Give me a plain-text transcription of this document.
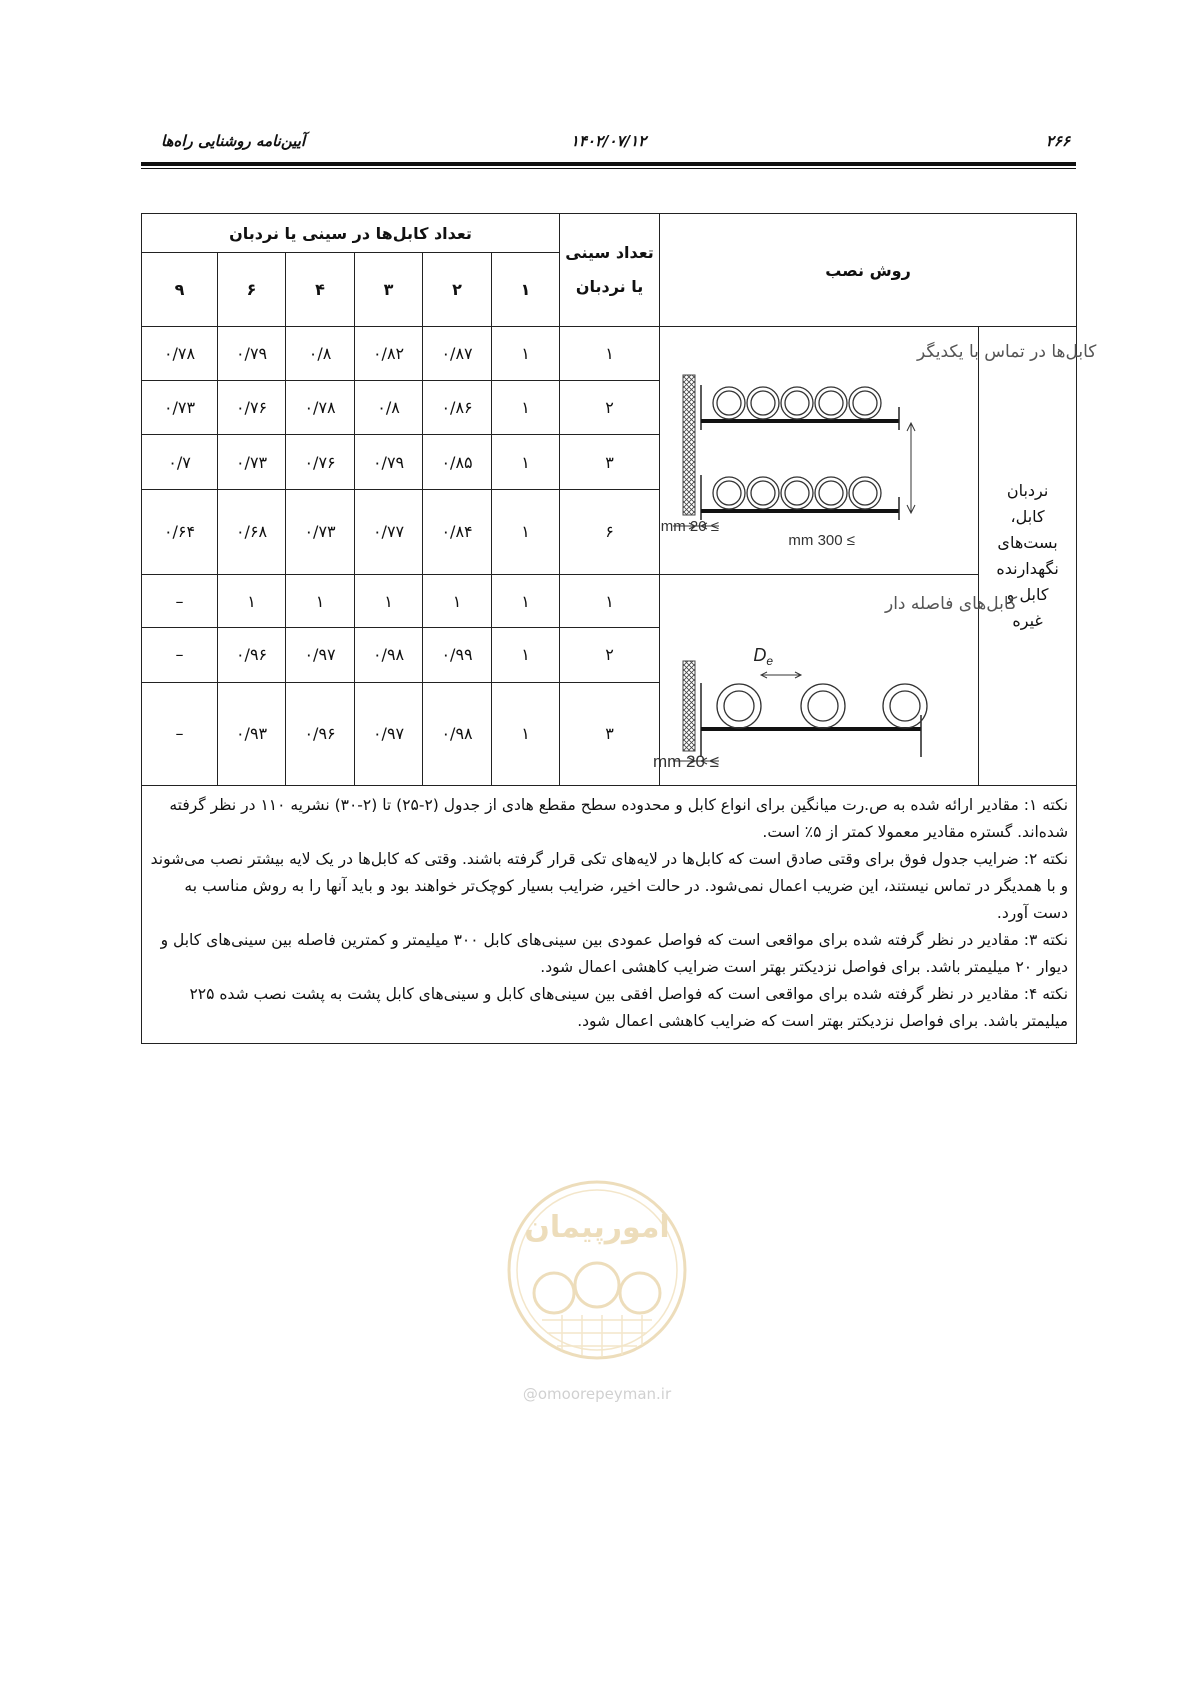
آیین‌نامه روشنایی راه‌ها	۱۴۰۲/۰۷/۱۲	۲۶۶
روش نصب		تعداد سینی یا نردبان	تعداد کابل‌ها در سینی یا نردبان					
			۱	۲	۳	۴	۶	۹
نردبان کابل، بست‌های نگهدارنده کابل و غیره	کابل‌ها در تماس با یکدیگر
≥ 20 mm
≥ 300 mm	۱	۱	۰/۸۷	۰/۸۲	۰/۸	۰/۷۹	۰/۷۸
		۲	۱	۰/۸۶	۰/۸	۰/۷۸	۰/۷۶	۰/۷۳
		۳	۱	۰/۸۵	۰/۷۹	۰/۷۶	۰/۷۳	۰/۷
		۶	۱	۰/۸۴	۰/۷۷	۰/۷۳	۰/۶۸	۰/۶۴

کابل‌های فاصله دار
$D_e$
≥ 20 mm	۱	۱	۱	۱	۱	۱	–
		۲	۱	۰/۹۹	۰/۹۸	۰/۹۷	۰/۹۶	–
		۳	۱	۰/۹۸	۰/۹۷	۰/۹۶	۰/۹۳	–

نکته ۱: مقادیر ارائه شده به ص.رت میانگین برای انواع کابل و محدوده سطح مقطع هادی از جدول (۲-۲۵) تا (۲-۳۰) نشریه ۱۱۰ در نظر گرفته شده‌اند. گستره مقادیر معمولا کمتر از ۵٪ است.

نکته ۲: ضرایب جدول فوق برای وقتی صادق است که کابل‌ها در لایه‌های تکی قرار گرفته باشند. وقتی که کابل‌ها در یک لایه بیشتر نصب می‌شوند و با همدیگر در تماس نیستند، این ضریب اعمال نمی‌شود. در حالت اخیر، ضرایب بسیار کوچک‌تر خواهند بود و باید آنها را به روش مناسب به دست آورد.

نکته ۳: مقادیر در نظر گرفته شده برای مواقعی است که فواصل عمودی بین سینی‌های کابل ۳۰۰ میلیمتر و کمترین فاصله بین سینی‌های کابل و دیوار ۲۰ میلیمتر باشد. برای فواصل نزدیکتر بهتر است ضرایب کاهشی اعمال شود.

نکته ۴: مقادیر در نظر گرفته شده برای مواقعی است که فواصل افقی بین سینی‌های کابل و سینی‌های کابل پشت به پشت نصب شده ۲۲۵ میلیمتر باشد. برای فواصل نزدیکتر بهتر است که ضرایب کاهشی اعمال شود.								

امورپیمان
@omoorepeyman.ir
